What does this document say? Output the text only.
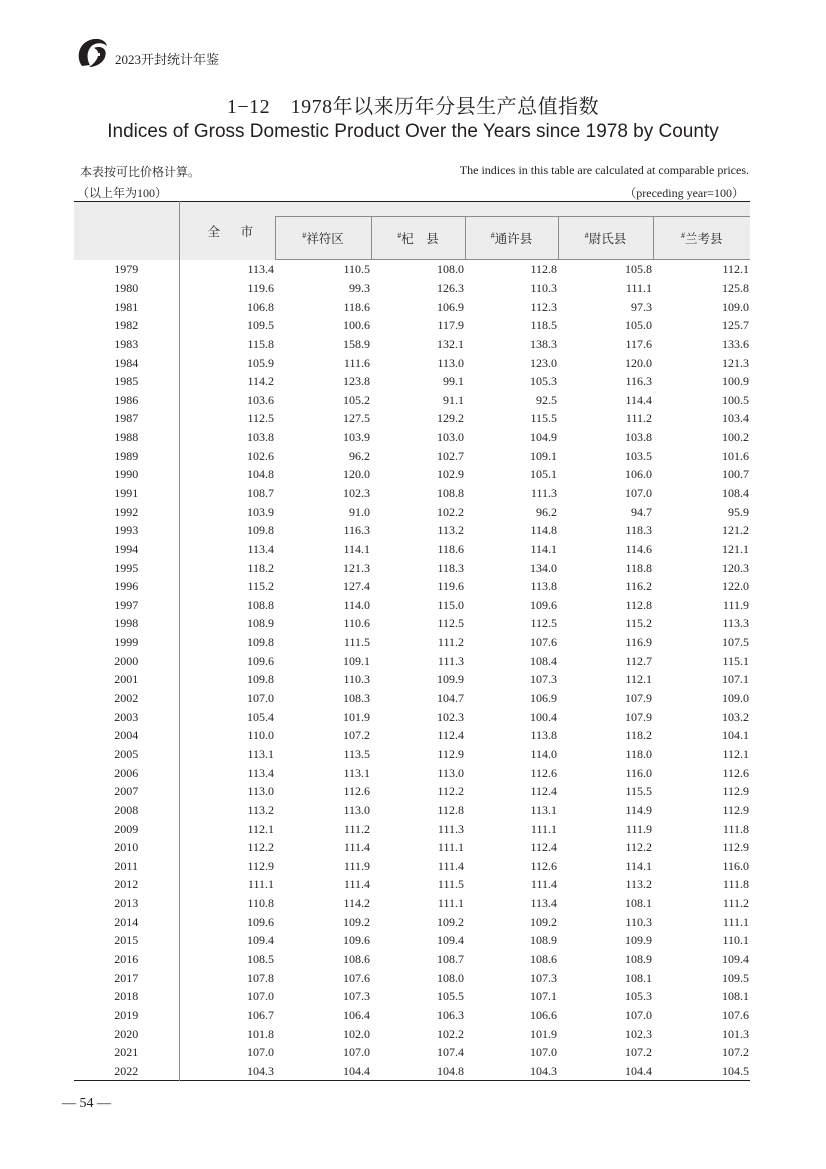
2023开封统计年鉴
1−12　1978年以来历年分县生产总值指数
Indices of Gross Domestic Product Over the Years since 1978 by County
本表按可比价格计算。	The indices in this table are calculated at comparable prices.
（以上年为100）	（preceding year=100）
	全　市					
		#祥符区	#杞　县	#通许县	#尉氏县	#兰考县
1979	113.4	110.5	108.0	112.8	105.8	112.1
1980	119.6	99.3	126.3	110.3	111.1	125.8
1981	106.8	118.6	106.9	112.3	97.3	109.0
1982	109.5	100.6	117.9	118.5	105.0	125.7
1983	115.8	158.9	132.1	138.3	117.6	133.6
1984	105.9	111.6	113.0	123.0	120.0	121.3
1985	114.2	123.8	99.1	105.3	116.3	100.9
1986	103.6	105.2	91.1	92.5	114.4	100.5
1987	112.5	127.5	129.2	115.5	111.2	103.4
1988	103.8	103.9	103.0	104.9	103.8	100.2
1989	102.6	96.2	102.7	109.1	103.5	101.6
1990	104.8	120.0	102.9	105.1	106.0	100.7
1991	108.7	102.3	108.8	111.3	107.0	108.4
1992	103.9	91.0	102.2	96.2	94.7	95.9
1993	109.8	116.3	113.2	114.8	118.3	121.2
1994	113.4	114.1	118.6	114.1	114.6	121.1
1995	118.2	121.3	118.3	134.0	118.8	120.3
1996	115.2	127.4	119.6	113.8	116.2	122.0
1997	108.8	114.0	115.0	109.6	112.8	111.9
1998	108.9	110.6	112.5	112.5	115.2	113.3
1999	109.8	111.5	111.2	107.6	116.9	107.5
2000	109.6	109.1	111.3	108.4	112.7	115.1
2001	109.8	110.3	109.9	107.3	112.1	107.1
2002	107.0	108.3	104.7	106.9	107.9	109.0
2003	105.4	101.9	102.3	100.4	107.9	103.2
2004	110.0	107.2	112.4	113.8	118.2	104.1
2005	113.1	113.5	112.9	114.0	118.0	112.1
2006	113.4	113.1	113.0	112.6	116.0	112.6
2007	113.0	112.6	112.2	112.4	115.5	112.9
2008	113.2	113.0	112.8	113.1	114.9	112.9
2009	112.1	111.2	111.3	111.1	111.9	111.8
2010	112.2	111.4	111.1	112.4	112.2	112.9
2011	112.9	111.9	111.4	112.6	114.1	116.0
2012	111.1	111.4	111.5	111.4	113.2	111.8
2013	110.8	114.2	111.1	113.4	108.1	111.2
2014	109.6	109.2	109.2	109.2	110.3	111.1
2015	109.4	109.6	109.4	108.9	109.9	110.1
2016	108.5	108.6	108.7	108.6	108.9	109.4
2017	107.8	107.6	108.0	107.3	108.1	109.5
2018	107.0	107.3	105.5	107.1	105.3	108.1
2019	106.7	106.4	106.3	106.6	107.0	107.6
2020	101.8	102.0	102.2	101.9	102.3	101.3
2021	107.0	107.0	107.4	107.0	107.2	107.2
2022	104.3	104.4	104.8	104.3	104.4	104.5
— 54 —
